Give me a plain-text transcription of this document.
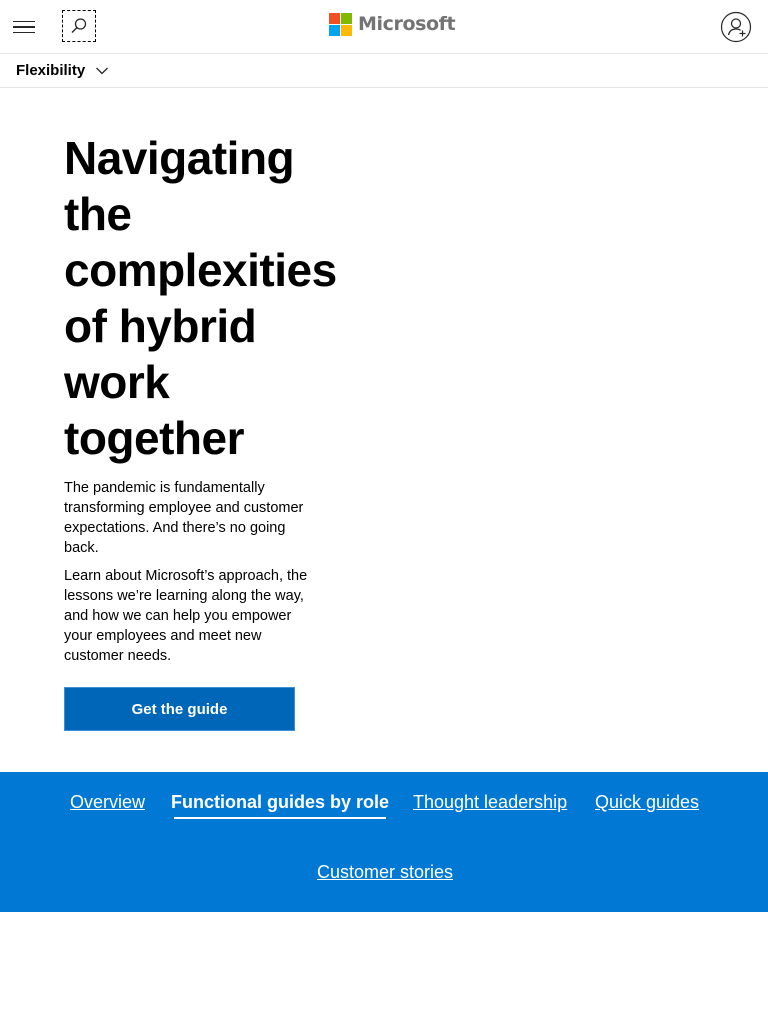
Microsoft
Flexibility
Navigating the complexities of hybrid work together

The pandemic is fundamentally transforming employee and customer expectations. And there’s no going back.

Learn about Microsoft’s approach, the lessons we’re learning along the way, and how we can help you empower your employees and meet new customer needs.

Get the guide
Overview Functional guides by role Thought leadership Quick guides
Customer stories
